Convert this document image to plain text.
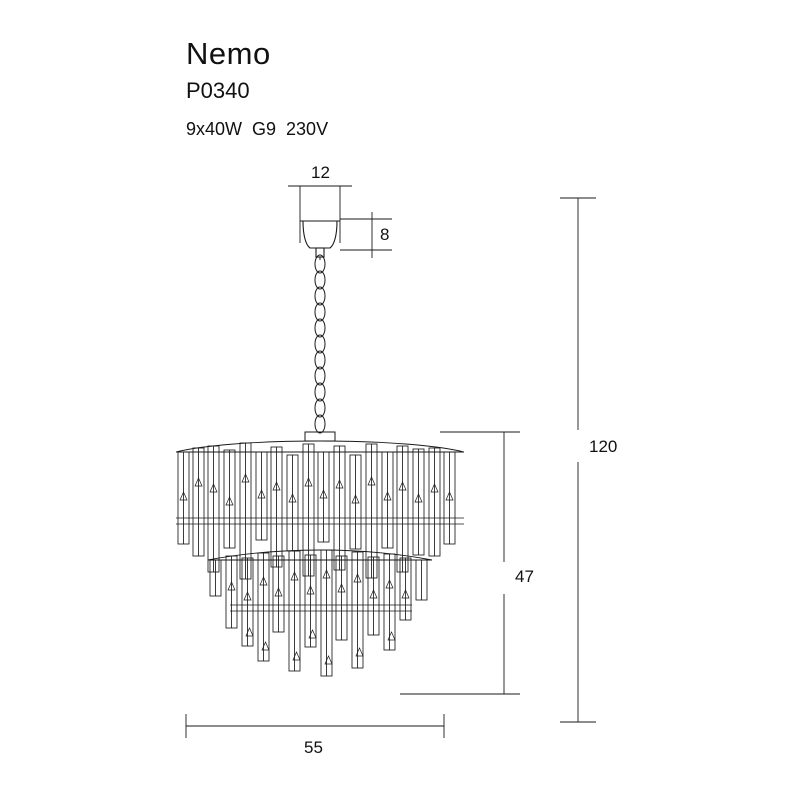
Nemo
P0340
9x40W  G9  230V
12
8
120
47
55
